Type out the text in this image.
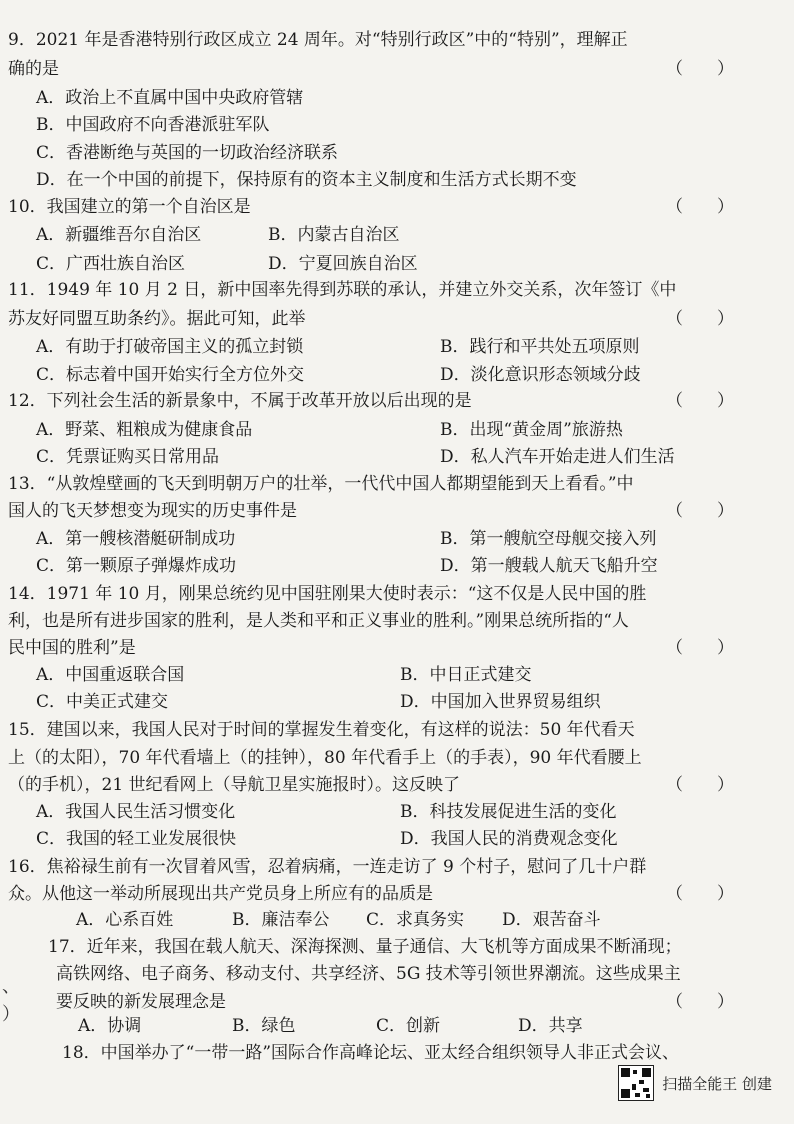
9．2021 年是香港特别行政区成立 24 周年。对“特别行政区”中的“特别”，理解正
确的是	（　　）
A．政治上不直属中国中央政府管辖
B．中国政府不向香港派驻军队
C．香港断绝与英国的一切政治经济联系
D．在一个中国的前提下，保持原有的资本主义制度和生活方式长期不变
10．我国建立的第一个自治区是	（　　）
A．新疆维吾尔自治区	B．内蒙古自治区
C．广西壮族自治区	D．宁夏回族自治区
11．1949 年 10 月 2 日，新中国率先得到苏联的承认，并建立外交关系，次年签订《中
苏友好同盟互助条约》。据此可知，此举	（　　）
A．有助于打破帝国主义的孤立封锁	B．践行和平共处五项原则
C．标志着中国开始实行全方位外交	D．淡化意识形态领域分歧
12．下列社会生活的新景象中，不属于改革开放以后出现的是	（　　）
A．野菜、粗粮成为健康食品	B．出现“黄金周”旅游热
C．凭票证购买日常用品	D．私人汽车开始走进人们生活
13．“从敦煌壁画的飞天到明朝万户的壮举，一代代中国人都期望能到天上看看。”中
国人的飞天梦想变为现实的历史事件是	（　　）
A．第一艘核潜艇研制成功	B．第一艘航空母舰交接入列
C．第一颗原子弹爆炸成功	D．第一艘载人航天飞船升空
14．1971 年 10 月，刚果总统约见中国驻刚果大使时表示：“这不仅是人民中国的胜
利，也是所有进步国家的胜利，是人类和平和正义事业的胜利。”刚果总统所指的“人
民中国的胜利”是	（　　）
A．中国重返联合国	B．中日正式建交
C．中美正式建交	D．中国加入世界贸易组织
15．建国以来，我国人民对于时间的掌握发生着变化，有这样的说法：50 年代看天
上（的太阳），70 年代看墙上（的挂钟），80 年代看手上（的手表），90 年代看腰上
（的手机），21 世纪看网上（导航卫星实施报时）。这反映了	（　　）
A．我国人民生活习惯变化	B．科技发展促进生活的变化
C．我国的轻工业发展很快	D．我国人民的消费观念变化
16．焦裕禄生前有一次冒着风雪，忍着病痛，一连走访了 9 个村子，慰问了几十户群
众。从他这一举动所展现出共产党员身上所应有的品质是	（　　）
A．心系百姓	B．廉洁奉公 C．求真务实 D．艰苦奋斗
17．近年来，我国在载人航天、深海探测、量子通信、大飞机等方面成果不断涌现；
高铁网络、电子商务、移动支付、共享经济、5G 技术等引领世界潮流。这些成果主
要反映的新发展理念是	（　　）
A．协调	B．绿色	C．创新	D．共享
18．中国举办了“一带一路”国际合作高峰论坛、亚太经合组织领导人非正式会议、
、
）
扫描全能王 创建
